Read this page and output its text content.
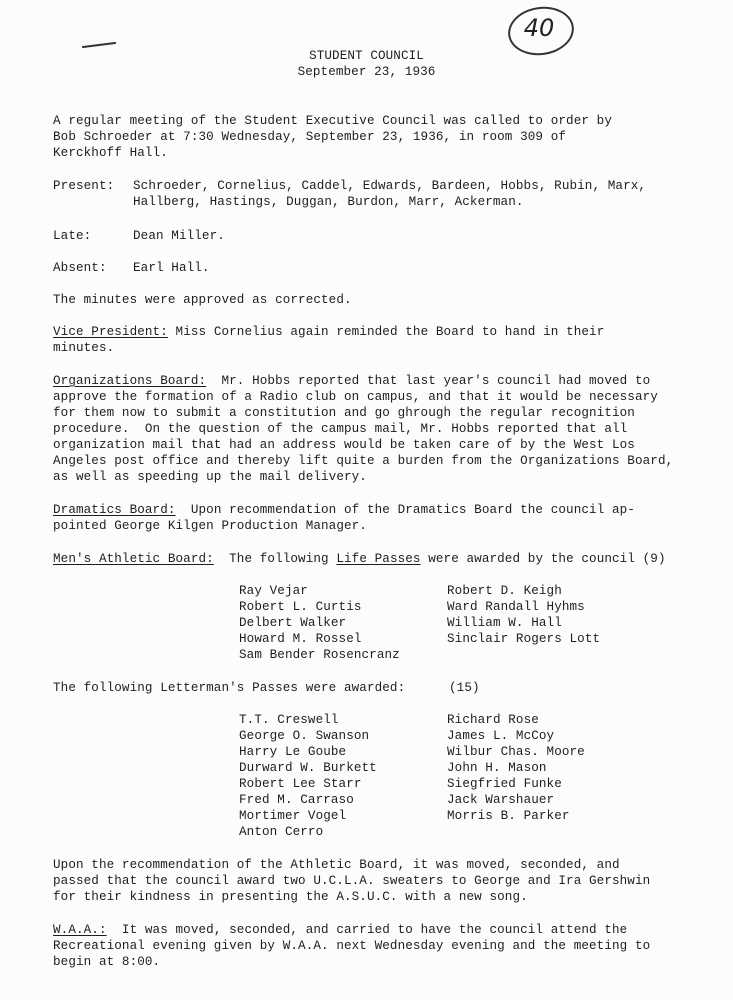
40
STUDENT COUNCIL
September 23, 1936
A regular meeting of the Student Executive Council was called to order by
Bob Schroeder at 7:30 Wednesday, September 23, 1936, in room 309 of
Kerckhoff Hall.
Present: Schroeder, Cornelius, Caddel, Edwards, Bardeen, Hobbs, Rubin, Marx,
Hallberg, Hastings, Duggan, Burdon, Marr, Ackerman.
Late:	Dean Miller.
Absent: Earl Hall.
The minutes were approved as corrected.
Vice President: Miss Cornelius again reminded the Board to hand in their
minutes.
Organizations Board:  Mr. Hobbs reported that last year's council had moved to
approve the formation of a Radio club on campus, and that it would be necessary
for them now to submit a constitution and go ghrough the regular recognition
procedure.  On the question of the campus mail, Mr. Hobbs reported that all
organization mail that had an address would be taken care of by the West Los
Angeles post office and thereby lift quite a burden from the Organizations Board,
as well as speeding up the mail delivery.
Dramatics Board:  Upon recommendation of the Dramatics Board the council ap-
pointed George Kilgen Production Manager.
Men's Athletic Board:  The following Life Passes were awarded by the council (9)
Ray Vejar
Robert L. Curtis
Delbert Walker
Howard M. Rossel
Sam Bender Rosencranz
Robert D. Keigh
Ward Randall Hyhms
William W. Hall
Sinclair Rogers Lott
The following Letterman's Passes were awarded:	(15)
T.T. Creswell
George O. Swanson
Harry Le Goube
Durward W. Burkett
Robert Lee Starr
Fred M. Carraso
Mortimer Vogel
Anton Cerro
Richard Rose
James L. McCoy
Wilbur Chas. Moore
John H. Mason
Siegfried Funke
Jack Warshauer
Morris B. Parker
Upon the recommendation of the Athletic Board, it was moved, seconded, and
passed that the council award two U.C.L.A. sweaters to George and Ira Gershwin
for their kindness in presenting the A.S.U.C. with a new song.
W.A.A.:  It was moved, seconded, and carried to have the council attend the
Recreational evening given by W.A.A. next Wednesday evening and the meeting to
begin at 8:00.
